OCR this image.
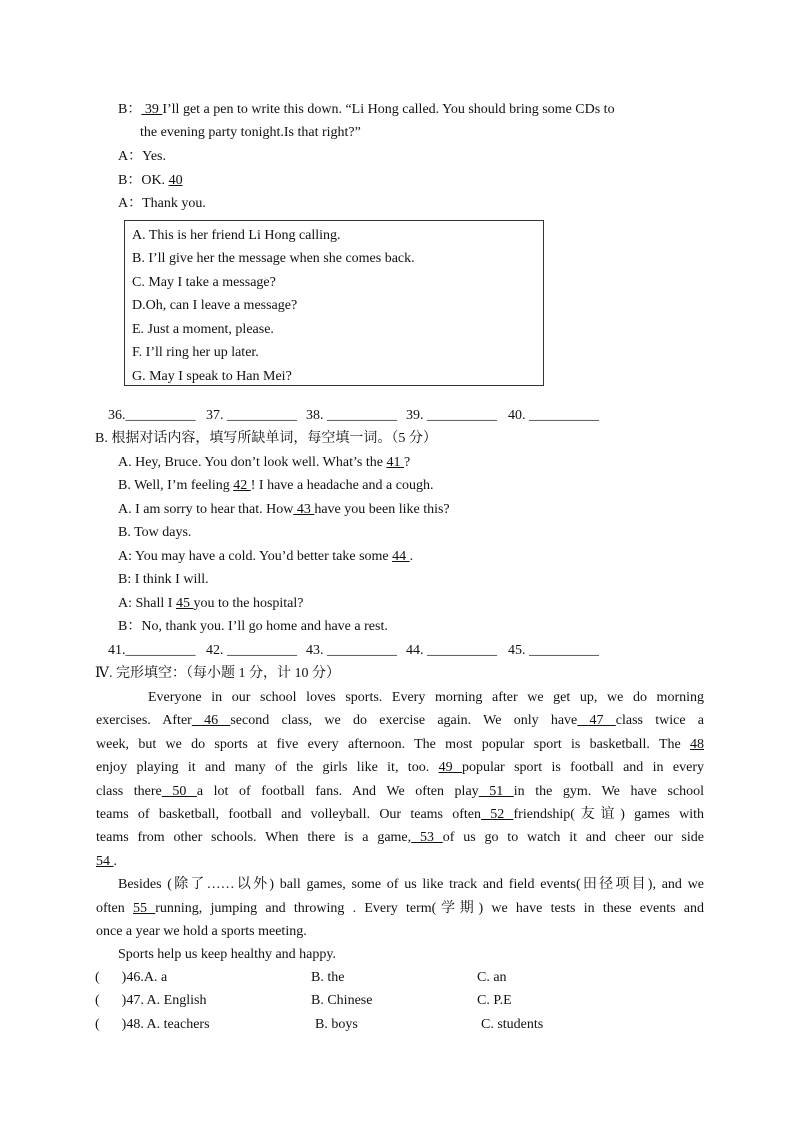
B： 39 I’ll get a pen to write this down. “Li Hong called. You should bring some CDs to
the evening party tonight.Is that right?”
A：Yes.
B：OK. 40
A：Thank you.
A. This is her friend Li Hong calling.
B. I’ll give her the message when she comes back.
C. May I take a message?
D.Oh, can I leave a message?
E. Just a moment, please.
F. I’ll ring her up later.
G. May I speak to Han Mei?
36.__________ 37. __________ 38. __________ 39. __________ 40. __________
B. 根据对话内容，填写所缺单词，每空填一词。（5 分）
A. Hey, Bruce. You don’t look well. What’s the 41 ?
B. Well, I’m feeling 42 ! I have a headache and a cough.
A. I am sorry to hear that. How 43 have you been like this?
B. Tow days.
A: You may have a cold. You’d better take some 44 .
B: I think I will.
A: Shall I 45 you to the hospital?
B：No, thank you. I’ll go home and have a rest.
41.__________ 42. __________ 43. __________ 44. __________ 45. __________
Ⅳ. 完形填空：（每小题 1 分，计 10 分）
Everyone in our school loves sports. Every morning after we get up, we do morning
exercises. After 46 second class, we do exercise again. We only have 47 class twice a
week, but we do sports at five every afternoon. The most popular sport is basketball. The 48
enjoy playing it and many of the girls like it, too. 49 popular sport is football and in every
class there 50 a lot of football fans. And We often play 51 in the gym. We have school
teams of basketball, football and volleyball. Our teams often 52 friendship(友谊) games with
teams from other schools. When there is a game, 53 of us go to watch it and cheer our side
54 .
Besides (除了……以外) ball games, some of us like track and field events(田径项目), and we
often 55 running, jumping and throwing . Every term(学期) we have tests in these events and
once a year we hold a sports meeting.
Sports help us keep healthy and happy.
( )46.A. a	B. the	C. an
( )47. A. English	B. Chinese	C. P.E
( )48. A. teachers	B. boys	C. students
